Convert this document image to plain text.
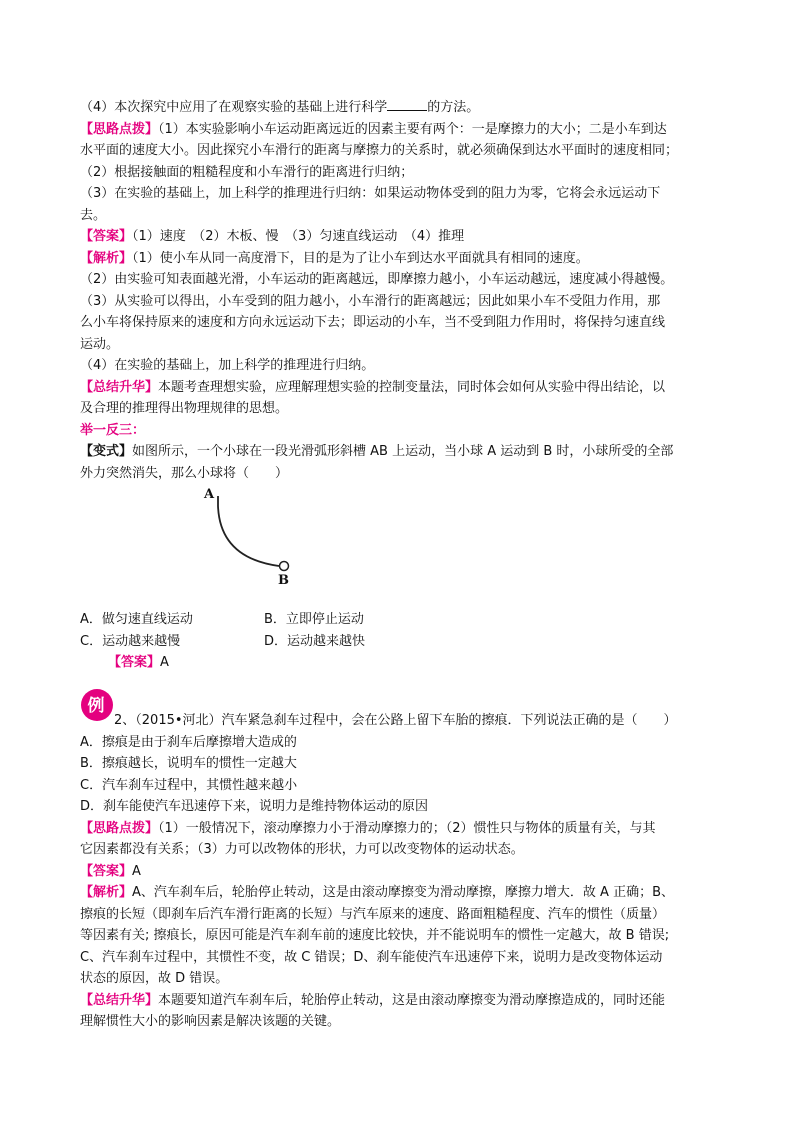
（4）本次探究中应用了在观察实验的基础上进行科学	的方法。
【思路点拨】（1）本实验影响小车运动距离远近的因素主要有两个：一是摩擦力的大小；二是小车到达
水平面的速度大小。因此探究小车滑行的距离与摩擦力的关系时，就必须确保到达水平面时的速度相同；
（2）根据接触面的粗糙程度和小车滑行的距离进行归纳；
（3）在实验的基础上，加上科学的推理进行归纳：如果运动物体受到的阻力为零，它将会永远运动下
去。
【答案】（1）速度　（2）木板、慢　（3）匀速直线运动　（4）推理
【解析】（1）使小车从同一高度滑下，目的是为了让小车到达水平面就具有相同的速度。
（2）由实验可知表面越光滑，小车运动的距离越远，即摩擦力越小，小车运动越远，速度减小得越慢。
（3）从实验可以得出，小车受到的阻力越小，小车滑行的距离越远；因此如果小车不受阻力作用，那
么小车将保持原来的速度和方向永远运动下去；即运动的小车，当不受到阻力作用时，将保持匀速直线
运动。
（4）在实验的基础上，加上科学的推理进行归纳。
【总结升华】本题考查理想实验，应理解理想实验的控制变量法，同时体会如何从实验中得出结论，以
及合理的推理得出物理规律的思想。
举一反三：
【变式】如图所示，一个小球在一段光滑弧形斜槽 AB 上运动，当小球 A 运动到 B 时，小球所受的全部
外力突然消失，那么小球将（　　）
A
B
A．做匀速直线运动	B．立即停止运动
C．运动越来越慢	D．运动越来越快
【答案】A
例
2、（2015•河北）汽车紧急刹车过程中，会在公路上留下车胎的擦痕．下列说法正确的是（　　）
A．擦痕是由于刹车后摩擦增大造成的
B．擦痕越长，说明车的惯性一定越大
C．汽车刹车过程中，其惯性越来越小
D．刹车能使汽车迅速停下来，说明力是维持物体运动的原因
【思路点拨】（1）一般情况下，滚动摩擦力小于滑动摩擦力的；（2）惯性只与物体的质量有关，与其
它因素都没有关系；（3）力可以改物体的形状，力可以改变物体的运动状态。
【答案】A
【解析】A、汽车刹车后，轮胎停止转动，这是由滚动摩擦变为滑动摩擦，摩擦力增大．故 A 正确；B、
擦痕的长短（即刹车后汽车滑行距离的长短）与汽车原来的速度、路面粗糙程度、汽车的惯性（质量）
等因素有关; 擦痕长，原因可能是汽车刹车前的速度比较快，并不能说明车的惯性一定越大，故 B 错误;
C、汽车刹车过程中，其惯性不变，故 C 错误；D、刹车能使汽车迅速停下来，说明力是改变物体运动
状态的原因，故 D 错误。
【总结升华】本题要知道汽车刹车后，轮胎停止转动，这是由滚动摩擦变为滑动摩擦造成的，同时还能
理解惯性大小的影响因素是解决该题的关键。
